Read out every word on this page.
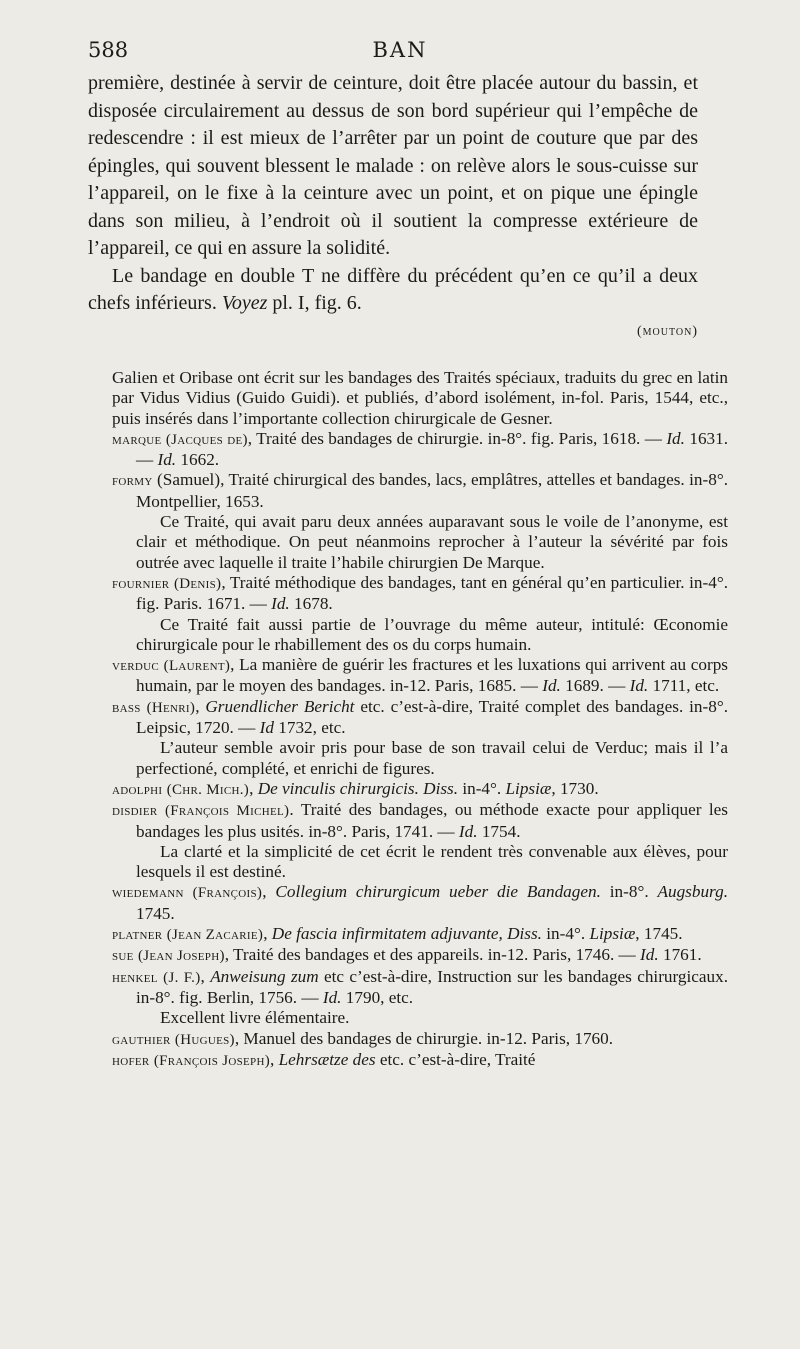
588	BAN

première, destinée à servir de ceinture, doit être placée autour du bassin, et disposée circulairement au dessus de son bord supérieur qui l’empêche de redescendre : il est mieux de l’arrêter par un point de couture que par des épingles, qui souvent blessent le malade : on relève alors le sous-cuisse sur l’appareil, on le fixe à la ceinture avec un point, et on pique une épingle dans son milieu, à l’endroit où il soutient la compresse extérieure de l’appareil, ce qui en assure la solidité.

Le bandage en double T ne diffère du précédent qu’en ce qu’il a deux chefs inférieurs. Voyez pl. I, fig. 6.

(mouton)

Galien et Oribase ont écrit sur les bandages des Traités spéciaux, traduits du grec en latin par Vidus Vidius (Guido Guidi). et publiés, d’abord isolément, in-fol. Paris, 1544, etc., puis insérés dans l’importante collection chirurgicale de Gesner.

marque (Jacques de), Traité des bandages de chirurgie. in-8°. fig. Paris, 1618. — Id. 1631. — Id. 1662.

formy (Samuel), Traité chirurgical des bandes, lacs, emplâtres, attelles et bandages. in-8°. Montpellier, 1653.

Ce Traité, qui avait paru deux années auparavant sous le voile de l’anonyme, est clair et méthodique. On peut néanmoins reprocher à l’auteur la sévérité par fois outrée avec laquelle il traite l’habile chirurgien De Marque.

fournier (Denis), Traité méthodique des bandages, tant en général qu’en particulier. in-4°. fig. Paris. 1671. — Id. 1678.

Ce Traité fait aussi partie de l’ouvrage du même auteur, intitulé: Œconomie chirurgicale pour le rhabillement des os du corps humain.

verduc (Laurent), La manière de guérir les fractures et les luxations qui arrivent au corps humain, par le moyen des bandages. in-12. Paris, 1685. — Id. 1689. — Id. 1711, etc.

bass (Henri), Gruendlicher Bericht etc. c’est-à-dire, Traité complet des bandages. in-8°. Leipsic, 1720. — Id 1732, etc.

L’auteur semble avoir pris pour base de son travail celui de Verduc; mais il l’a perfectioné, complété, et enrichi de figures.

adolphi (Chr. Mich.), De vinculis chirurgicis. Diss. in-4°. Lipsiæ, 1730.

disdier (François Michel). Traité des bandages, ou méthode exacte pour appliquer les bandages les plus usités. in-8°. Paris, 1741. — Id. 1754.

La clarté et la simplicité de cet écrit le rendent très convenable aux élèves, pour lesquels il est destiné.

wiedemann (François), Collegium chirurgicum ueber die Bandagen. in-8°. Augsburg. 1745.

platner (Jean Zacarie), De fascia infirmitatem adjuvante, Diss. in-4°. Lipsiæ, 1745.

sue (Jean Joseph), Traité des bandages et des appareils. in-12. Paris, 1746. — Id. 1761.

henkel (J. F.), Anweisung zum etc c’est-à-dire, Instruction sur les bandages chirurgicaux. in-8°. fig. Berlin, 1756. — Id. 1790, etc.

Excellent livre élémentaire.

gauthier (Hugues), Manuel des bandages de chirurgie. in-12. Paris, 1760.

hofer (François Joseph), Lehrsætze des etc. c’est-à-dire, Traité
